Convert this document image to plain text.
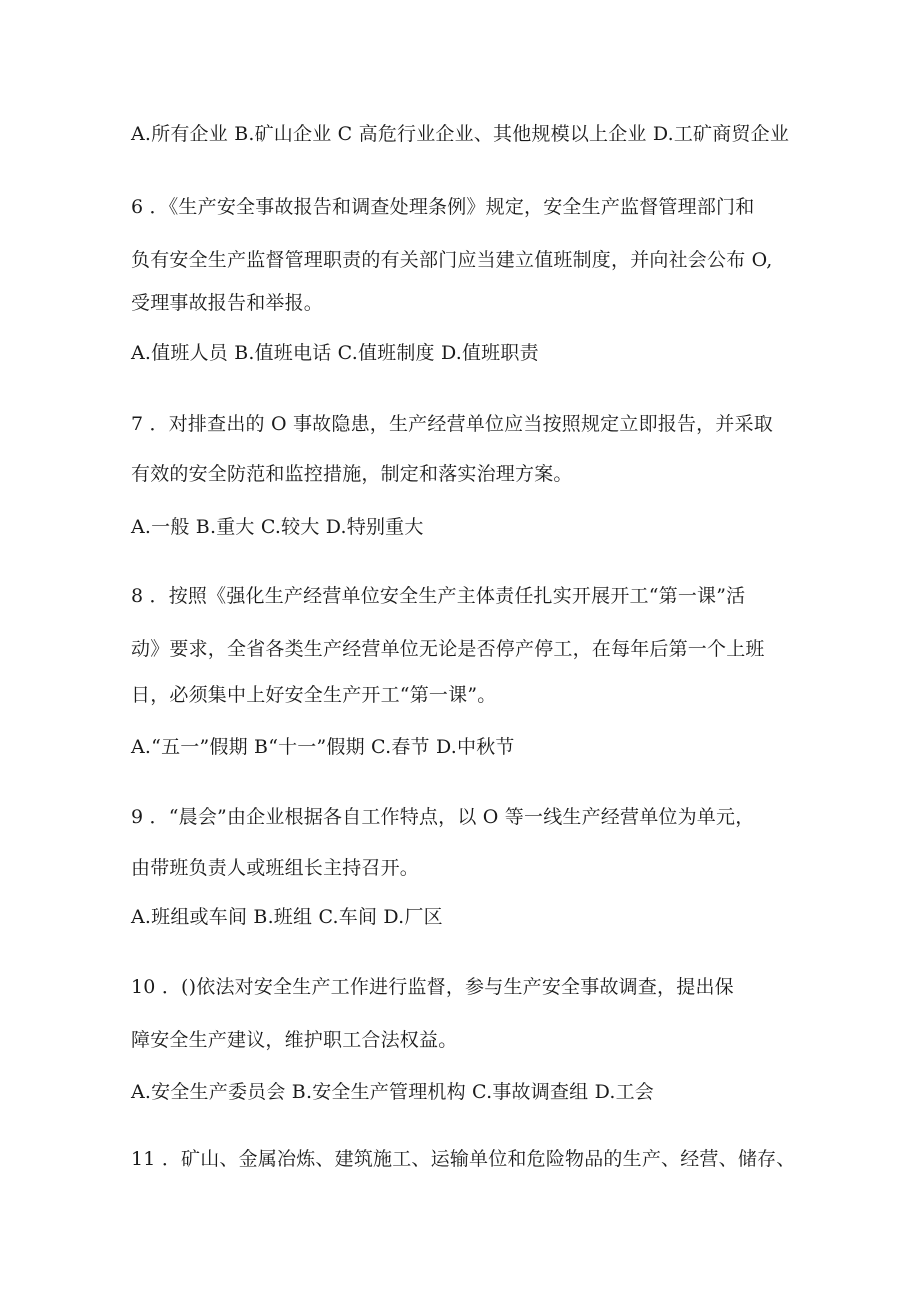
A.所有企业 B.矿山企业 C 高危行业企业、其他规模以上企业 D.工矿商贸企业
6 ．《生产安全事故报告和调查处理条例》规定，安全生产监督管理部门和
负有安全生产监督管理职责的有关部门应当建立值班制度，并向社会公布 O,
受理事故报告和举报。
A.值班人员 B.值班电话 C.值班制度 D.值班职责
7 ．对排查出的 O 事故隐患，生产经营单位应当按照规定立即报告，并采取
有效的安全防范和监控措施，制定和落实治理方案。
A.一般 B.重大 C.较大 D.特别重大
8 ．按照《强化生产经营单位安全生产主体责任扎实开展开工“第一课”活
动》要求，全省各类生产经营单位无论是否停产停工，在每年后第一个上班
日，必须集中上好安全生产开工“第一课”。
A.“五一”假期 B“十一”假期 C.春节 D.中秋节
9 ．“晨会”由企业根据各自工作特点，以 O 等一线生产经营单位为单元，
由带班负责人或班组长主持召开。
A.班组或车间 B.班组 C.车间 D.厂区
10 ．()依法对安全生产工作进行监督，参与生产安全事故调查，提出保
障安全生产建议，维护职工合法权益。
A.安全生产委员会 B.安全生产管理机构 C.事故调查组 D.工会
11 ．矿山、金属冶炼、建筑施工、运输单位和危险物品的生产、经营、储存、
